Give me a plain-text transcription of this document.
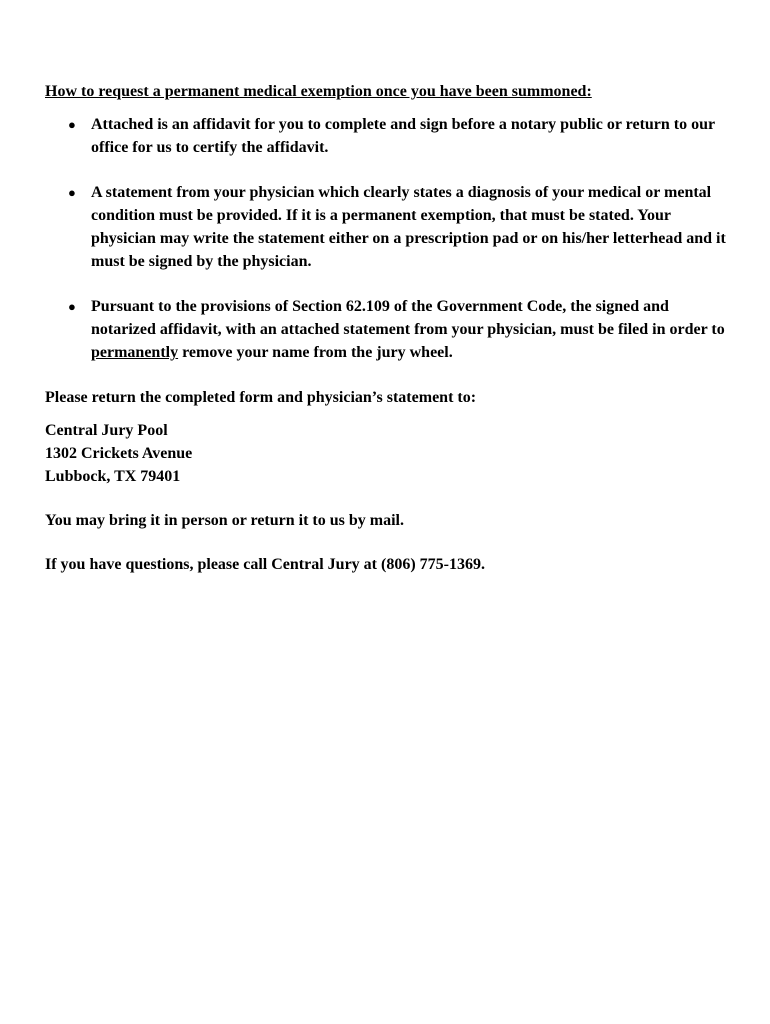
How to request a permanent medical exemption once you have been summoned:

● Attached is an affidavit for you to complete and sign before a notary public or return to our office for us to certify the affidavit.
● A statement from your physician which clearly states a diagnosis of your medical or mental condition must be provided. If it is a permanent exemption, that must be stated. Your physician may write the statement either on a prescription pad or on his/her letterhead and it must be signed by the physician.
● Pursuant to the provisions of Section 62.109 of the Government Code, the signed and notarized affidavit, with an attached statement from your physician, must be filed in order to permanently remove your name from the jury wheel.

Please return the completed form and physician’s statement to:

Central Jury Pool
1302 Crickets Avenue
Lubbock, TX 79401

You may bring it in person or return it to us by mail.

If you have questions, please call Central Jury at (806) 775-1369.
